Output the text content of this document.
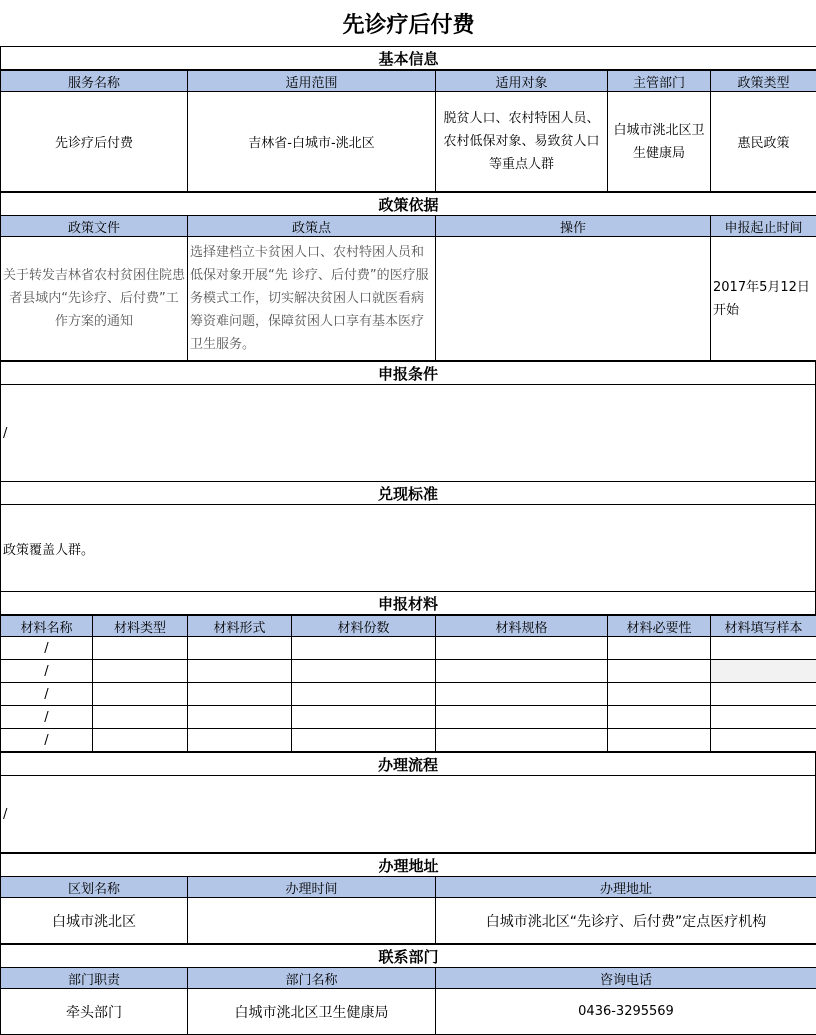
先诊疗后付费
基本信息
服务名称	适用范围	适用对象	主管部门	政策类型
先诊疗后付费	吉林省-白城市-洮北区	脱贫人口、农村特困人员、农村低保对象、易致贫人口等重点人群	白城市洮北区卫生健康局	惠民政策
政策依据			
政策文件	政策点	操作	申报起止时间
关于转发吉林省农村贫困住院患者县域内“先诊疗、后付费”工作方案的通知	选择建档立卡贫困人口、农村特困人员和低保对象开展“先 诊疗、后付费”的医疗服务模式工作，切实解决贫困人口就医看病筹资难问题，保障贫困人口享有基本医疗卫生服务。		2017年5月12日开始
申报条件
/
兑现标准
政策覆盖人群。
申报材料
材料名称	材料类型	材料形式	材料份数	材料规格	材料必要性	材料填写样本
/						
/						
/						
/						
/						
办理流程
/
办理地址		
区划名称	办理时间	办理地址
白城市洮北区		白城市洮北区“先诊疗、后付费”定点医疗机构
联系部门		
部门职责	部门名称	咨询电话
牵头部门	白城市洮北区卫生健康局	0436-3295569
